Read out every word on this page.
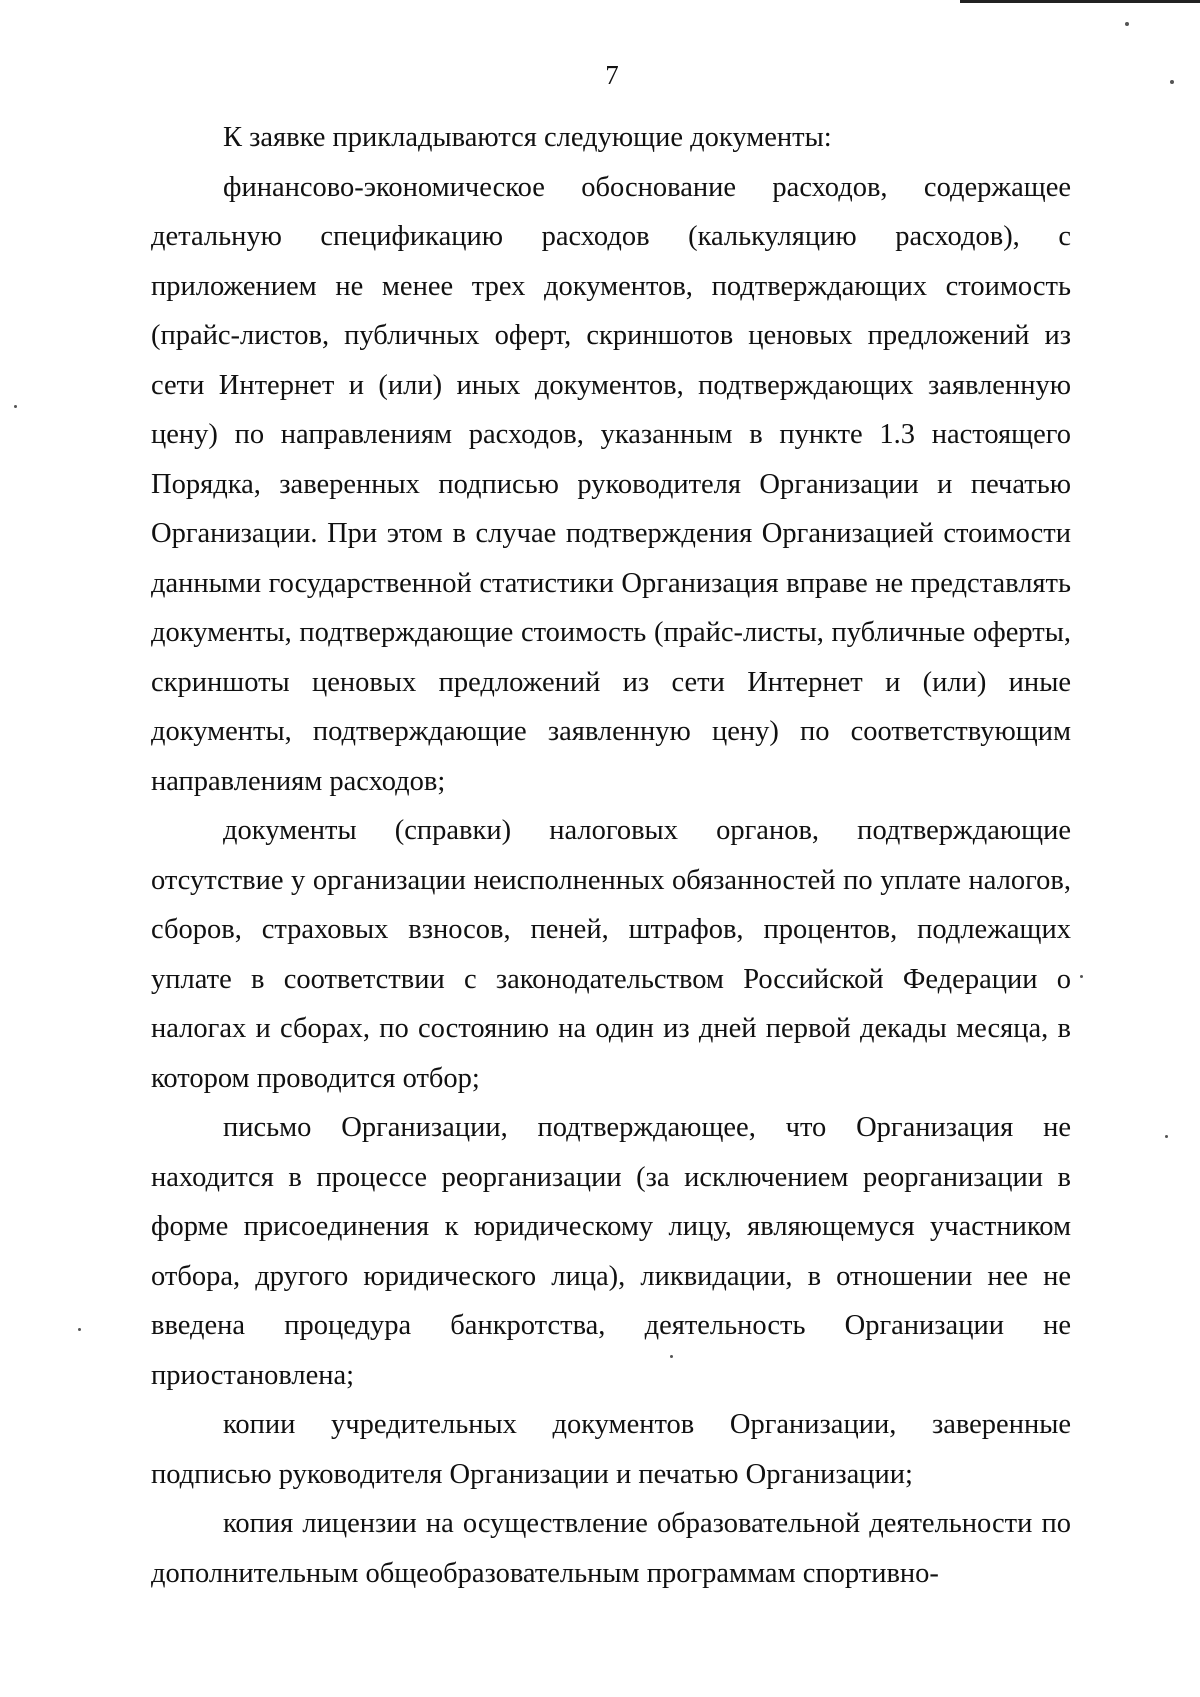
7

К заявке прикладываются следующие документы:

финансово-экономическое обоснование расходов, содержащее детальную спецификацию расходов (калькуляцию расходов), с приложением не менее трех документов, подтверждающих стоимость (прайс-листов, публичных оферт, скриншотов ценовых предложений из сети Интернет и (или) иных документов, подтверждающих заявленную цену) по направлениям расходов, указанным в пункте 1.3 настоящего Порядка, заверенных подписью руководителя Организации и печатью Организации. При этом в случае подтверждения Организацией стоимости данными государственной статистики Организация вправе не представлять документы, подтверждающие стоимость (прайс-листы, публичные оферты, скриншоты ценовых предложений из сети Интернет и (или) иные документы, подтверждающие заявленную цену) по соответствующим направлениям расходов;

документы (справки) налоговых органов, подтверждающие отсутствие у организации неисполненных обязанностей по уплате налогов, сборов, страховых взносов, пеней, штрафов, процентов, подлежащих уплате в соответствии с законодательством Российской Федерации о налогах и сборах, по состоянию на один из дней первой декады месяца, в котором проводится отбор;

письмо Организации, подтверждающее, что Организация не находится в процессе реорганизации (за исключением реорганизации в форме присоединения к юридическому лицу, являющемуся участником отбора, другого юридического лица), ликвидации, в отношении нее не введена процедура банкротства, деятельность Организации не приостановлена;

копии учредительных документов Организации, заверенные подписью руководителя Организации и печатью Организации;

копия лицензии на осуществление образовательной деятельности по дополнительным общеобразовательным программам спортивно-
